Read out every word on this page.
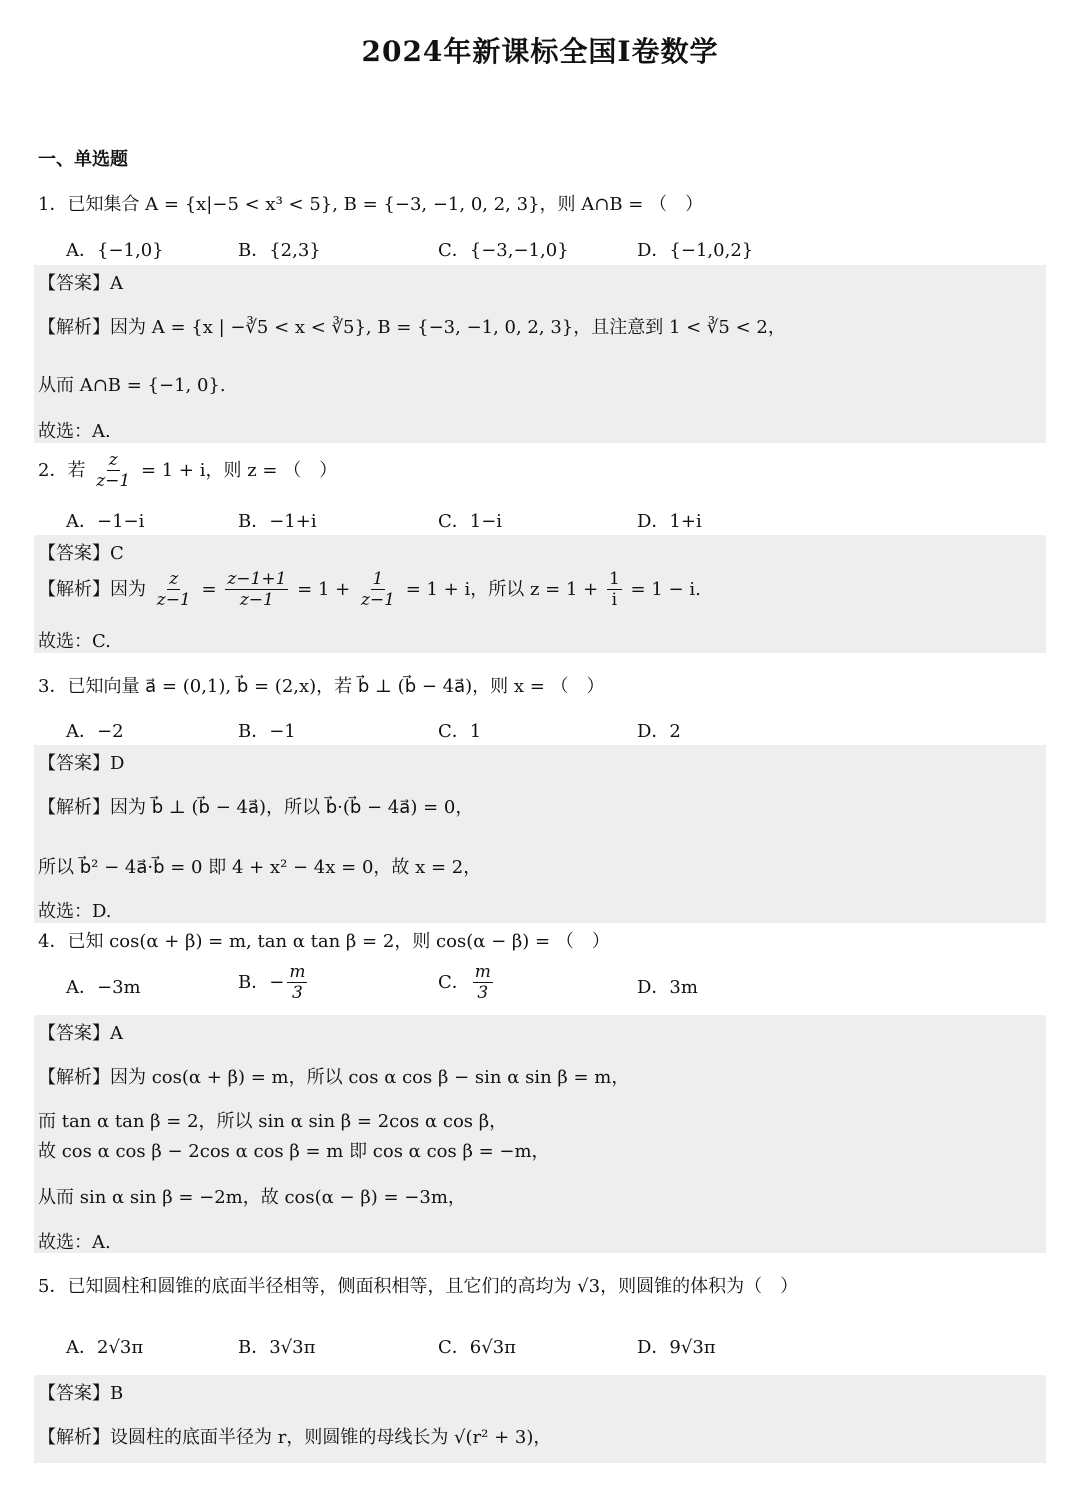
2024年新课标全国Ⅰ卷数学
一、单选题
1．已知集合 A = {x|−5 < x³ < 5}, B = {−3, −1, 0, 2, 3}，则 A∩B = （　）
A．{−1,0}	B．{2,3}	C．{−3,−1,0}	D．{−1,0,2}
【答案】A
【解析】因为 A = {x | −∛5 < x < ∛5}, B = {−3, −1, 0, 2, 3}，且注意到 1 < ∛5 < 2，
从而 A∩B = {−1, 0}.
故选：A.
2．若 $\frac{z}{z-1} = 1 + i$，则 z = （　）
A．−1−i	B．−1+i	C．1−i	D．1+i
【答案】C
【解析】因为 $\frac{z}{z-1} = \frac{z-1+1}{z-1} = 1 + \frac{1}{z-1} = 1 + i$，所以 $z = 1 + \frac{1}{i} = 1 - i$.
故选：C.
3．已知向量 a⃗ = (0,1), b⃗ = (2,x)，若 b⃗ ⊥ (b⃗ − 4a⃗)，则 x = （　）
A．−2	B．−1	C．1	D．2
【答案】D
【解析】因为 b⃗ ⊥ (b⃗ − 4a⃗)，所以 b⃗·(b⃗ − 4a⃗) = 0，
所以 b⃗² − 4a⃗·b⃗ = 0 即 4 + x² − 4x = 0，故 x = 2，
故选：D.
4．已知 cos(α + β) = m, tan α tan β = 2，则 cos(α − β) = （　）
A．−3m	B．− $\frac{m}{3}$	C． $\frac{m}{3}$	D．3m
【答案】A
【解析】因为 cos(α + β) = m，所以 cos α cos β − sin α sin β = m，
而 tan α tan β = 2，所以 sin α sin β = 2cos α cos β，
故 cos α cos β − 2cos α cos β = m 即 cos α cos β = −m，
从而 sin α sin β = −2m，故 cos(α − β) = −3m，
故选：A.
5．已知圆柱和圆锥的底面半径相等，侧面积相等，且它们的高均为 √3，则圆锥的体积为（　）
A．2√3π	B．3√3π	C．6√3π	D．9√3π
【答案】B
【解析】设圆柱的底面半径为 r，则圆锥的母线长为 √(r² + 3)，
